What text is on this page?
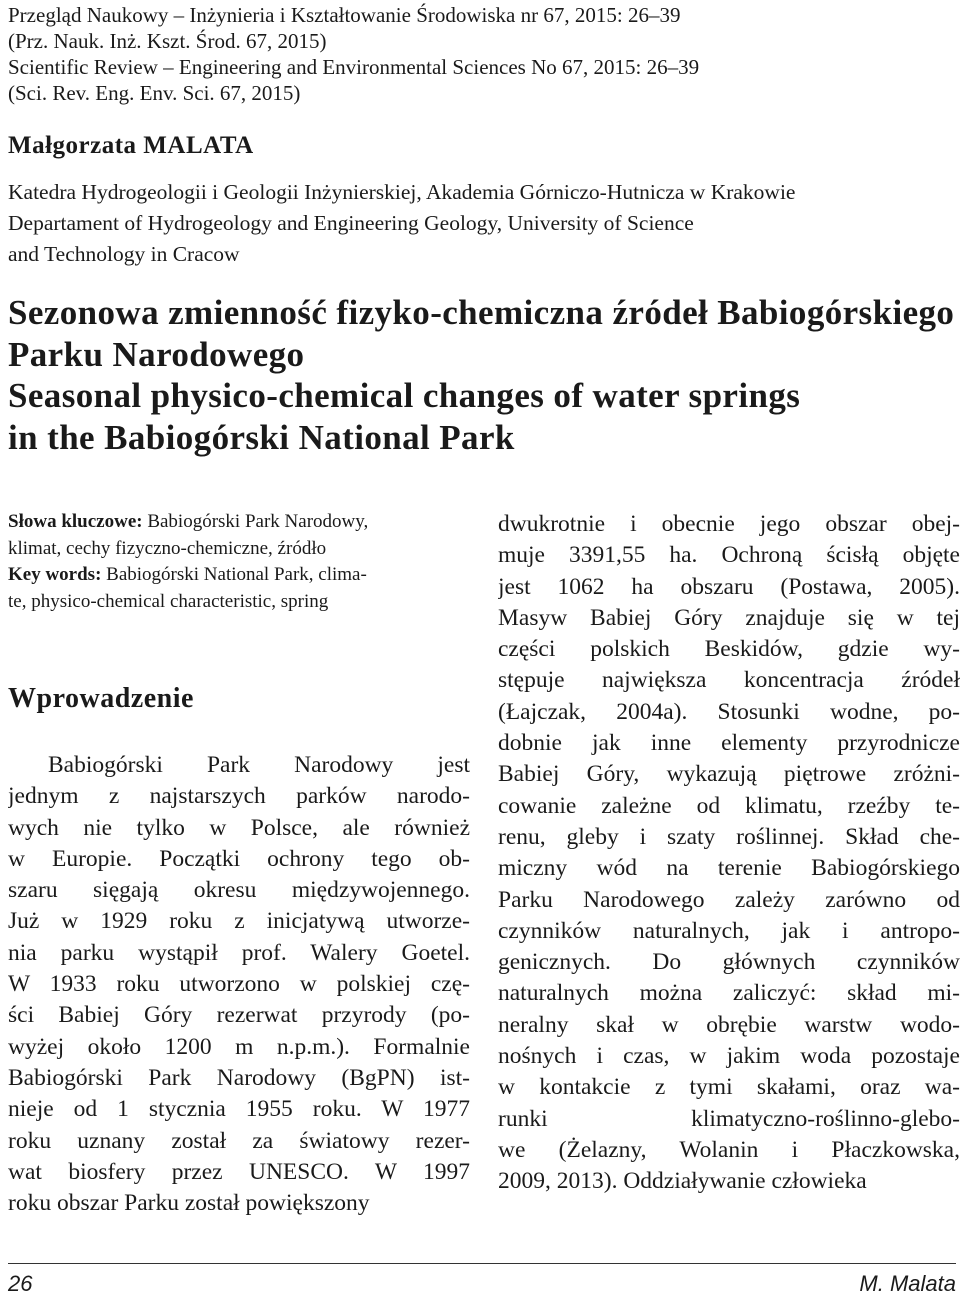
Przegląd Naukowy – Inżynieria i Kształtowanie Środowiska nr 67, 2015: 26–39
(Prz. Nauk. Inż. Kszt. Środ. 67, 2015)
Scientific Review – Engineering and Environmental Sciences No 67, 2015: 26–39
(Sci. Rev. Eng. Env. Sci. 67, 2015)
Małgorzata MALATA
Katedra Hydrogeologii i Geologii Inżynierskiej, Akademia Górniczo-Hutnicza w Krakowie
Departament of Hydrogeology and Engineering Geology, University of Science
and Technology in Cracow
Sezonowa zmienność fizyko-chemiczna źródeł Babiogórskiego
Parku Narodowego
Seasonal physico-chemical changes of water springs
in the Babiogórski National Park
Słowa kluczowe: Babiogórski Park Narodowy,
klimat, cechy fizyczno-chemiczne, źródło
Key words: Babiogórski National Park, clima-
te, physico-chemical characteristic, spring
Wprowadzenie
Babiogórski Park Narodowy jest
jednym z najstarszych parków narodo-
wych nie tylko w Polsce, ale również
w Europie. Początki ochrony tego ob-
szaru sięgają okresu międzywojennego.
Już w 1929 roku z inicjatywą utworze-
nia parku wystąpił prof. Walery Goetel.
W 1933 roku utworzono w polskiej czę-
ści Babiej Góry rezerwat przyrody (po-
wyżej około 1200 m n.p.m.). Formalnie
Babiogórski Park Narodowy (BgPN) ist-
nieje od 1 stycznia 1955 roku. W 1977
roku uznany został za światowy rezer-
wat biosfery przez UNESCO. W 1997
roku obszar Parku został powiększony
dwukrotnie i obecnie jego obszar obej-
muje 3391,55 ha. Ochroną ścisłą objęte
jest 1062 ha obszaru (Postawa, 2005).
Masyw Babiej Góry znajduje się w tej
części polskich Beskidów, gdzie wy-
stępuje największa koncentracja źródeł
(Łajczak, 2004a). Stosunki wodne, po-
dobnie jak inne elementy przyrodnicze
Babiej Góry, wykazują piętrowe zróżni-
cowanie zależne od klimatu, rzeźby te-
renu, gleby i szaty roślinnej. Skład che-
miczny wód na terenie Babiogórskiego
Parku Narodowego zależy zarówno od
czynników naturalnych, jak i antropo-
genicznych. Do głównych czynników
naturalnych można zaliczyć: skład mi-
neralny skał w obrębie warstw wodo-
nośnych i czas, w jakim woda pozostaje
w kontakcie z tymi skałami, oraz wa-
runki klimatyczno-roślinno-glebo-
we (Żelazny, Wolanin i Płaczkowska,
2009, 2013). Oddziaływanie człowieka
26	M. Malata
